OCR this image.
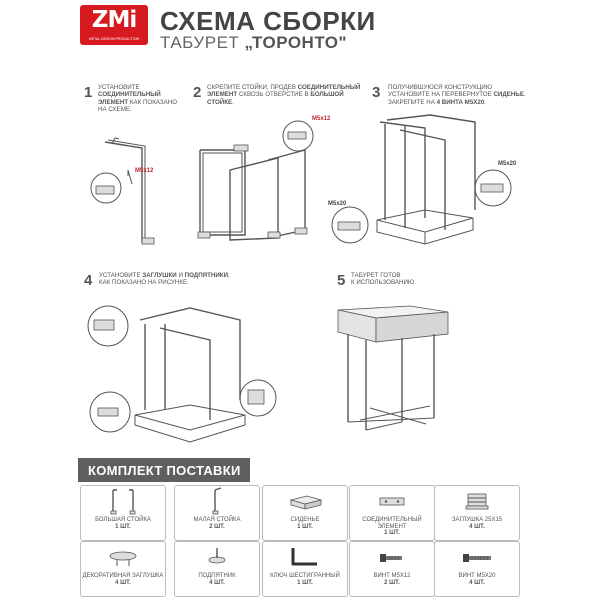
ZMi
METAL DESIGN PRODUCTION
СХЕМА СБОРКИ
ТАБУРЕТ „ТОРОНТО"
1 УСТАНОВИТЕ
СОЕДИНИТЕЛЬНЫЙ
ЭЛЕМЕНТ КАК ПОКАЗАНО
НА СХЕМЕ.
M5x12
2 СКРЕПИТЕ СТОЙКИ, ПРОДЕВ СОЕДИНИТЕЛЬНЫЙ
ЭЛЕМЕНТ СКВОЗЬ ОТВЕРСТИЕ В БОЛЬШОЙ
СТОЙКЕ.
M5x12
3 ПОЛУЧИВШУЮСЯ КОНСТРУКЦИЮ
УСТАНОВИТЕ НА ПЕРЕВЕРНУТОЕ СИДЕНЬЕ.
ЗАКРЕПИТЕ НА 4 ВИНТА M5X20.
M5x20
M5x20
4 УСТАНОВИТЕ ЗАГЛУШКИ И ПОДПЯТНИКИ,
КАК ПОКАЗАНО НА РИСУНКЕ.	5 ТАБУРЕТ ГОТОВ
К ИСПОЛЬЗОВАНИЮ.
КОМПЛЕКТ ПОСТАВКИ
БОЛЬШАЯ СТОЙКА
1 ШТ.
МАЛАЯ СТОЙКА
2 ШТ.
СИДЕНЬЕ
1 ШТ.
СОЕДИНИТЕЛЬНЫЙ ЭЛЕМЕНТ
1 ШТ.
ЗАГЛУШКА 25X15
4 ШТ.
ДЕКОРАТИВНАЯ ЗАГЛУШКА
4 ШТ.
ПОДПЯТНИК
4 ШТ.
КЛЮЧ ШЕСТИГРАННЫЙ
1 ШТ.
ВИНТ M5X12
2 ШТ.
ВИНТ M5X20
4 ШТ.
